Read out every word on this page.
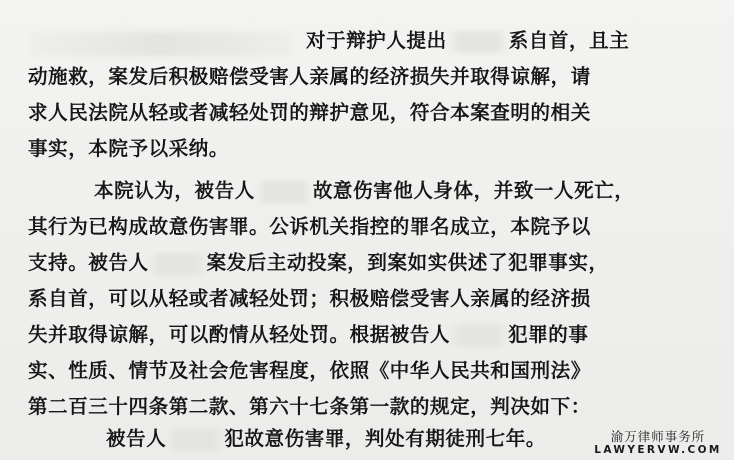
对于辩护人提出	系自首，且主
动施救，案发后积极赔偿受害人亲属的经济损失并取得谅解，请
求人民法院从轻或者减轻处罚的辩护意见，符合本案查明的相关
事实，本院予以采纳。
本院认为，被告人	故意伤害他人身体，并致一人死亡，
其行为已构成故意伤害罪。公诉机关指控的罪名成立，本院予以
支持。被告人	案发后主动投案，到案如实供述了犯罪事实，
系自首，可以从轻或者减轻处罚；积极赔偿受害人亲属的经济损
失并取得谅解，可以酌情从轻处罚。根据被告人	犯罪的事
实、性质、情节及社会危害程度，依照《中华人民共和国刑法》
第二百三十四条第二款、第六十七条第一款的规定，判决如下：
被告人	犯故意伤害罪，判处有期徒刑七年。	渝万律师事务所
LAWYERVW.COM
